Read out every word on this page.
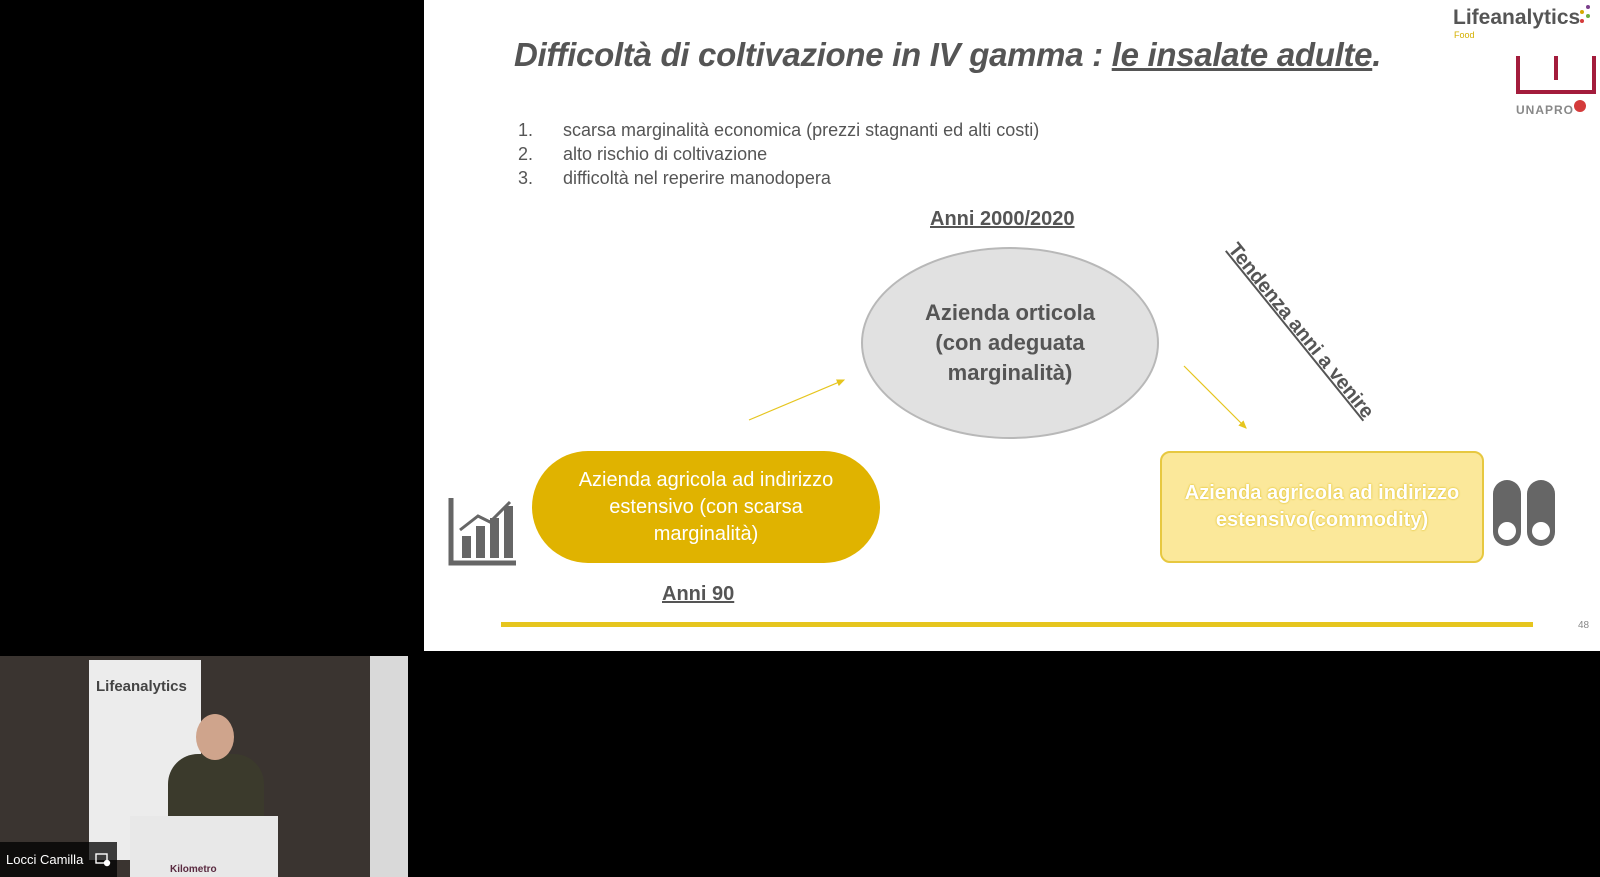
Difficoltà di coltivazione in IV gamma : le insalate adulte.
Lifeanalytics
Food
UNAPRO
1.	scarsa marginalità economica (prezzi stagnanti ed alti costi)
2.	alto rischio di coltivazione
3.	difficoltà nel reperire manodopera
Anni 2000/2020
Azienda orticola (con adeguata marginalità)	Tendenza anni a venire
Azienda agricola ad indirizzo estensivo (con scarsa marginalità)
Azienda agricola ad indirizzo estensivo(commodity)
Anni 90
48
Lifeanalytics
Kilometro
Locci Camilla
